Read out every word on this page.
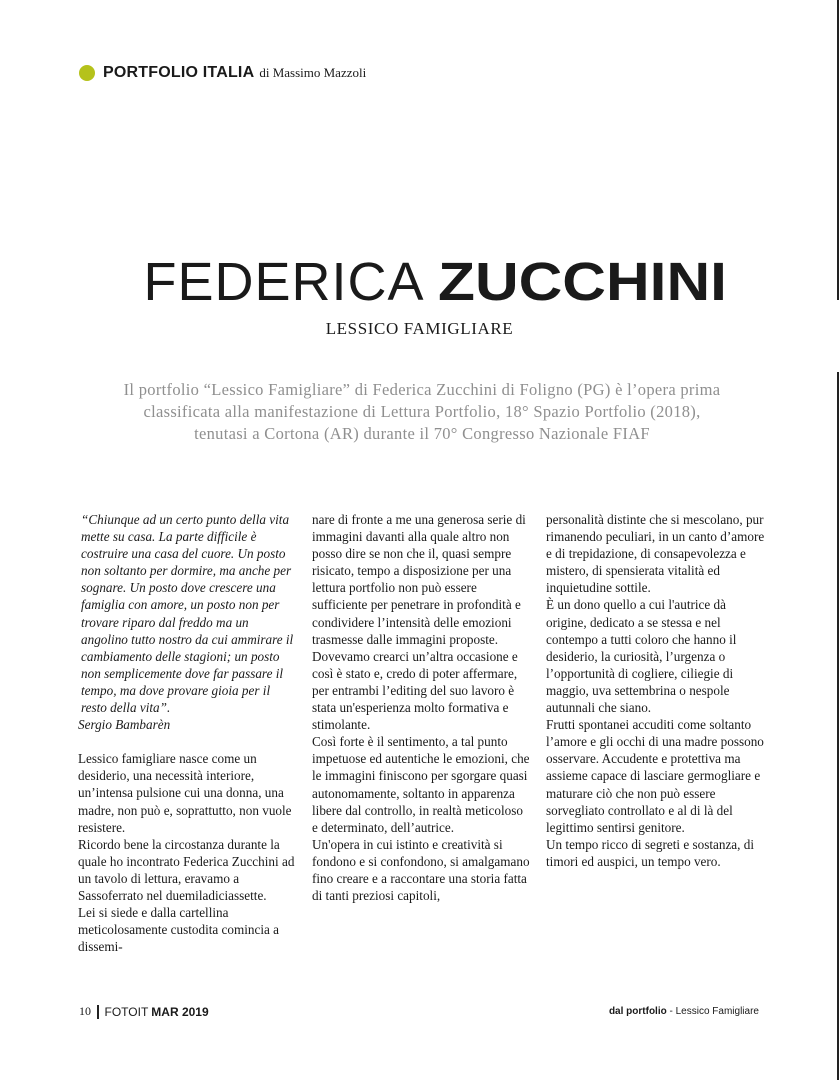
PORTFOLIO ITALIA di Massimo Mazzoli
FEDERICA ZUCCHINI
LESSICO FAMIGLIARE
Il portfolio “Lessico Famigliare” di Federica Zucchini di Foligno (PG) è l’opera prima
classificata alla manifestazione di Lettura Portfolio, 18° Spazio Portfolio (2018),
tenutasi a Cortona (AR) durante il 70° Congresso Nazionale FIAF

“Chiunque ad un certo punto della vita mette su casa. La parte difficile è costruire una casa del cuore. Un posto non soltanto per dormire, ma anche per sognare. Un posto dove crescere una famiglia con amore, un posto non per trovare riparo dal freddo ma un angolino tutto nostro da cui ammirare il cambiamento delle stagioni; un posto non semplicemente dove far passare il tempo, ma dove provare gioia per il resto della vita”.

Sergio Bambarèn

Lessico famigliare nasce come un desiderio, una necessità interiore, un’intensa pulsione cui una donna, una madre, non può e, soprattutto, non vuole resistere.

Ricordo bene la circostanza durante la quale ho incontrato Federica Zucchini ad un tavolo di lettura, eravamo a Sassoferrato nel duemiladiciassette.

Lei si siede e dalla cartellina meticolosamente custodita comincia a dissemi-

nare di fronte a me una generosa serie di immagini davanti alla quale altro non posso dire se non che il, quasi sempre risicato, tempo a disposizione per una lettura portfolio non può essere sufficiente per penetrare in profondità e condividere l’intensità delle emozioni trasmesse dalle immagini proposte.

Dovevamo crearci un’altra occasione e così è stato e, credo di poter affermare, per entrambi l’editing del suo lavoro è stata un'esperienza molto formativa e stimolante.

Così forte è il sentimento, a tal punto impetuose ed autentiche le emozioni, che le immagini finiscono per sgorgare quasi autonomamente, soltanto in apparenza libere dal controllo, in realtà meticoloso e determinato, dell’autrice.

Un'opera in cui istinto e creatività si fondono e si confondono, si amalgamano fino creare e a raccontare una storia fatta di tanti preziosi capitoli,

personalità distinte che si mescolano, pur rimanendo peculiari, in un canto d’amore e di trepidazione, di consapevolezza e mistero, di spensierata vitalità ed inquietudine sottile.

È un dono quello a cui l'autrice dà origine, dedicato a se stessa e nel contempo a tutti coloro che hanno il desiderio, la curiosità, l’urgenza o l’opportunità di cogliere, ciliegie di maggio, uva settembrina o nespole autunnali che siano.

Frutti spontanei accuditi come soltanto l’amore e gli occhi di una madre possono osservare. Accudente e protettiva ma assieme capace di lasciare germogliare e maturare ciò che non può essere sorvegliato controllato e al di là del legittimo sentirsi genitore.

Un tempo ricco di segreti e sostanza, di timori ed auspici, un tempo vero.

10 FOTOIT MAR 2019	dal portfolio - Lessico Famigliare
